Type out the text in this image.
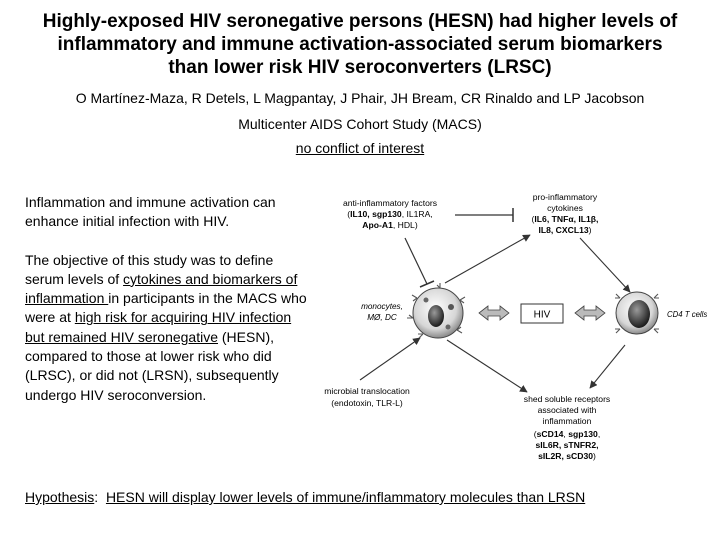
Highly-exposed HIV seronegative persons (HESN) had higher levels of
inflammatory and immune activation-associated serum biomarkers
than lower risk HIV seroconverters (LRSC)
O Martínez-Maza, R Detels, L Magpantay, J Phair, JH Bream, CR Rinaldo and LP Jacobson
Multicenter AIDS Cohort Study (MACS)
no conflict of interest

Inflammation and immune activation can enhance initial infection with HIV.

The objective of this study was to define serum levels of cytokines and biomarkers of inflammation in participants in the MACS who were at high risk for acquiring HIV infection but remained HIV seronegative (HESN), compared to those at lower risk who did (LRSC), or did not (LRSN), subsequently undergo HIV seroconversion.

anti-inflammatory factors
(IL10, sgp130, IL1RA,
Apo-A1, HDL)
pro-inflammatory
cytokines
(IL6, TNFα, IL1β,
IL8, CXCL13)
monocytes,
MØ, DC	HIV	CD4 T cells
microbial translocation
(endotoxin, TLR-L)	shed soluble receptors
associated with
inflammation
(sCD14, sgp130,
sIL6R, sTNFR2,
sIL2R, sCD30)
Hypothesis:  HESN will display lower levels of immune/inflammatory molecules than LRSN
